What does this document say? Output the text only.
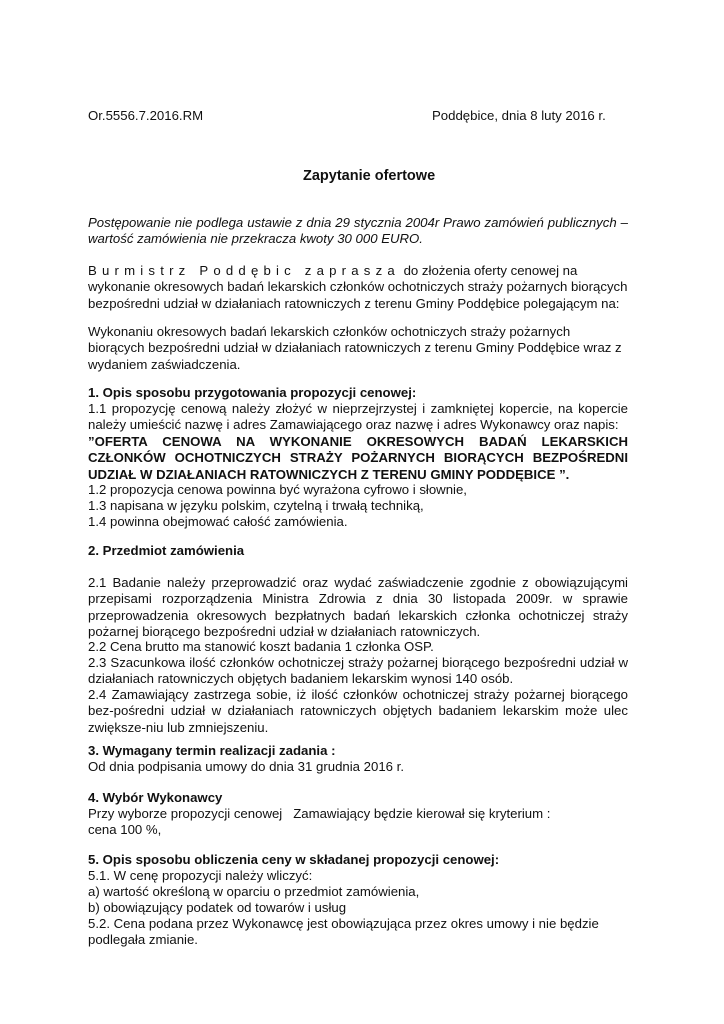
Or.5556.7.2016.RM	Poddębice, dnia 8 luty 2016 r.
Zapytanie ofertowe
Postępowanie nie podlega ustawie z dnia 29 stycznia 2004r Prawo zamówień publicznych – wartość zamówienia nie przekracza kwoty 30 000 EURO.
Burmistrz Poddębic zaprasza do złożenia oferty cenowej na wykonanie okresowych badań lekarskich członków ochotniczych straży pożarnych biorących bezpośredni udział w działaniach ratowniczych z terenu Gminy Poddębice polegającym na:
Wykonaniu okresowych badań lekarskich członków ochotniczych straży pożarnych biorących bezpośredni udział w działaniach ratowniczych z terenu Gminy Poddębice wraz z wydaniem zaświadczenia.
1. Opis sposobu przygotowania propozycji cenowej:
1.1 propozycję cenową należy złożyć w nieprzejrzystej i zamkniętej kopercie, na kopercie należy umieścić nazwę i adres Zamawiającego oraz nazwę i adres Wykonawcy oraz napis:
”OFERTA CENOWA NA WYKONANIE OKRESOWYCH BADAŃ LEKARSKICH CZŁONKÓW OCHOTNICZYCH STRAŻY POŻARNYCH BIORĄCYCH BEZPOŚREDNI UDZIAŁ W DZIAŁANIACH RATOWNICZYCH Z TERENU GMINY PODDĘBICE ”.
1.2 propozycja cenowa powinna być wyrażona cyfrowo i słownie,
1.3 napisana w języku polskim, czytelną i trwałą techniką,
1.4 powinna obejmować całość zamówienia.
2. Przedmiot zamówienia
2.1 Badanie należy przeprowadzić oraz wydać zaświadczenie zgodnie z obowiązującymi przepisami rozporządzenia Ministra Zdrowia z dnia 30 listopada 2009r. w sprawie przeprowadzenia okresowych bezpłatnych badań lekarskich członka ochotniczej straży pożarnej biorącego bezpośredni udział w działaniach ratowniczych.
2.2 Cena brutto ma stanowić koszt badania 1 członka OSP.
2.3 Szacunkowa ilość członków ochotniczej straży pożarnej biorącego bezpośredni udział w działaniach ratowniczych objętych badaniem lekarskim wynosi 140 osób.
2.4 Zamawiający zastrzega sobie, iż ilość członków ochotniczej straży pożarnej biorącego bez-pośredni udział w działaniach ratowniczych objętych badaniem lekarskim może ulec zwiększe-niu lub zmniejszeniu.
3. Wymagany termin realizacji zadania :
Od dnia podpisania umowy do dnia 31 grudnia 2016 r.
4. Wybór Wykonawcy
Przy wyborze propozycji cenowej   Zamawiający będzie kierował się kryterium :
cena 100 %,
5. Opis sposobu obliczenia ceny w składanej propozycji cenowej:
5.1. W cenę propozycji należy wliczyć:
a) wartość określoną w oparciu o przedmiot zamówienia,
b) obowiązujący podatek od towarów i usług
5.2. Cena podana przez Wykonawcę jest obowiązująca przez okres umowy i nie będzie podlegała zmianie.
